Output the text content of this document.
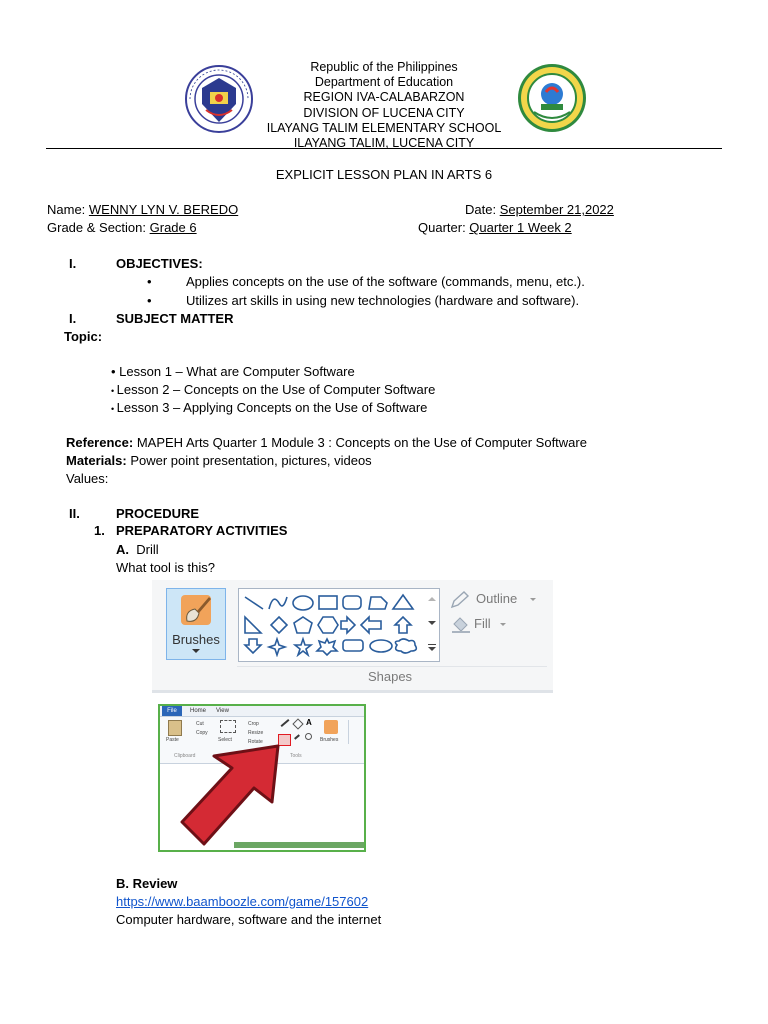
Republic of the Philippines
Department of Education
REGION IVA-CALABARZON
DIVISION OF LUCENA CITY
ILAYANG TALIM ELEMENTARY SCHOOL
ILAYANG TALIM, LUCENA CITY
EXPLICIT LESSON PLAN IN ARTS 6
Name: WENNY LYN V. BEREDO	Date: September 21,2022
Grade & Section: Grade 6	Quarter: Quarter 1 Week 2
I.	OBJECTIVES:
•	Applies concepts on the use of the software (commands, menu, etc.).
•	Utilizes art skills in using new technologies (hardware and software).
I.	SUBJECT MATTER
Topic:
• Lesson 1 – What are Computer Software
• Lesson 2 – Concepts on the Use of Computer Software
• Lesson 3 – Applying Concepts on the Use of Software
Reference: MAPEH Arts Quarter 1 Module 3 : Concepts on the Use of Computer Software
Materials: Power point presentation, pictures, videos
Values:
II.	PROCEDURE
1. PREPARATORY ACTIVITIES
A. Drill
What tool is this?
Brushes
Outline
Fill
Shapes
File	Home View
Cut
Copy
Paste	Select
Crop
Resize
Rotate
A
Brushes
Clipboard	Tools
B. Review
https://www.baamboozle.com/game/157602
Computer hardware, software and the internet
